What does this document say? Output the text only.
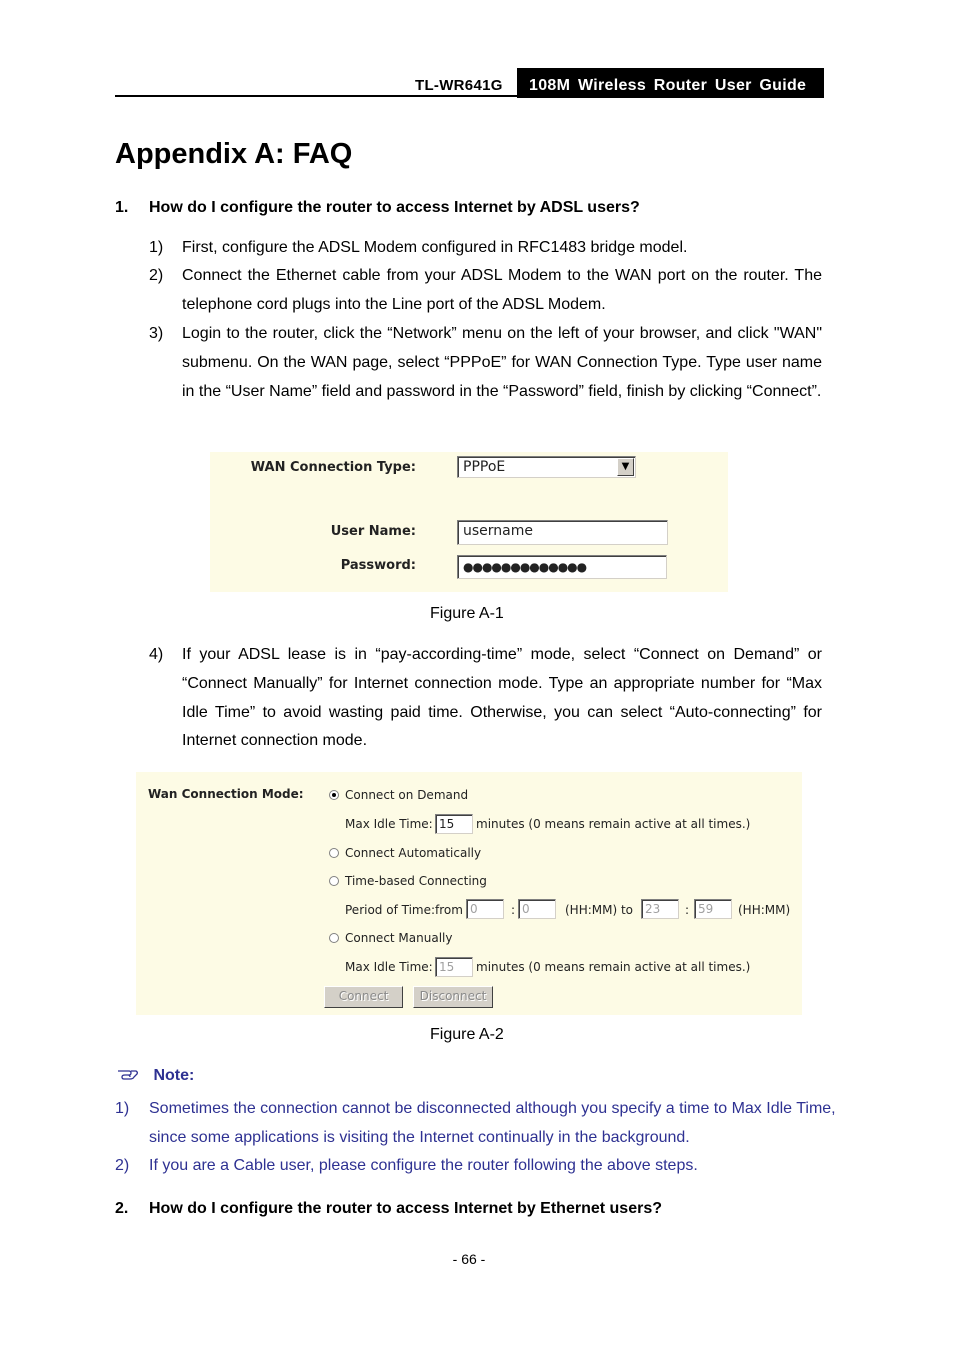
TL-WR641G	108M Wireless Router User Guide
Appendix A: FAQ
1. How do I configure the router to access Internet by ADSL users?
1) First, configure the ADSL Modem configured in RFC1483 bridge model.
2) Connect the Ethernet cable from your ADSL Modem to the WAN port on the router. The telephone cord plugs into the Line port of the ADSL Modem.
3) Login to the router, click the “Network” menu on the left of your browser, and click "WAN" submenu. On the WAN page, select “PPPoE” for WAN Connection Type. Type user name in the “User Name” field and password in the “Password” field, finish by clicking “Connect”.
WAN Connection Type:	PPPoE	▼
User Name:	username
Password:	●●●●●●●●●●●●●
Figure A-1
4) If your ADSL lease is in “pay-according-time” mode, select “Connect on Demand” or “Connect Manually” for Internet connection mode. Type an appropriate number for “Max Idle Time” to avoid wasting paid time. Otherwise, you can select “Auto-connecting” for Internet connection mode.
Wan Connection Mode:	Connect on Demand
Max Idle Time: 15	minutes (0 means remain active at all times.)
Connect Automatically
Time-based Connecting
Period of Time:from 0	: 0	(HH:MM) to 23	: 59	(HH:MM)
Connect Manually
Max Idle Time: 15	minutes (0 means remain active at all times.)
Connect	Disconnect
Figure A-2
Note:
1) Sometimes the connection cannot be disconnected although you specify a time to Max Idle Time, since some applications is visiting the Internet continually in the background.
2) If you are a Cable user, please configure the router following the above steps.
2. How do I configure the router to access Internet by Ethernet users?
- 66 -
